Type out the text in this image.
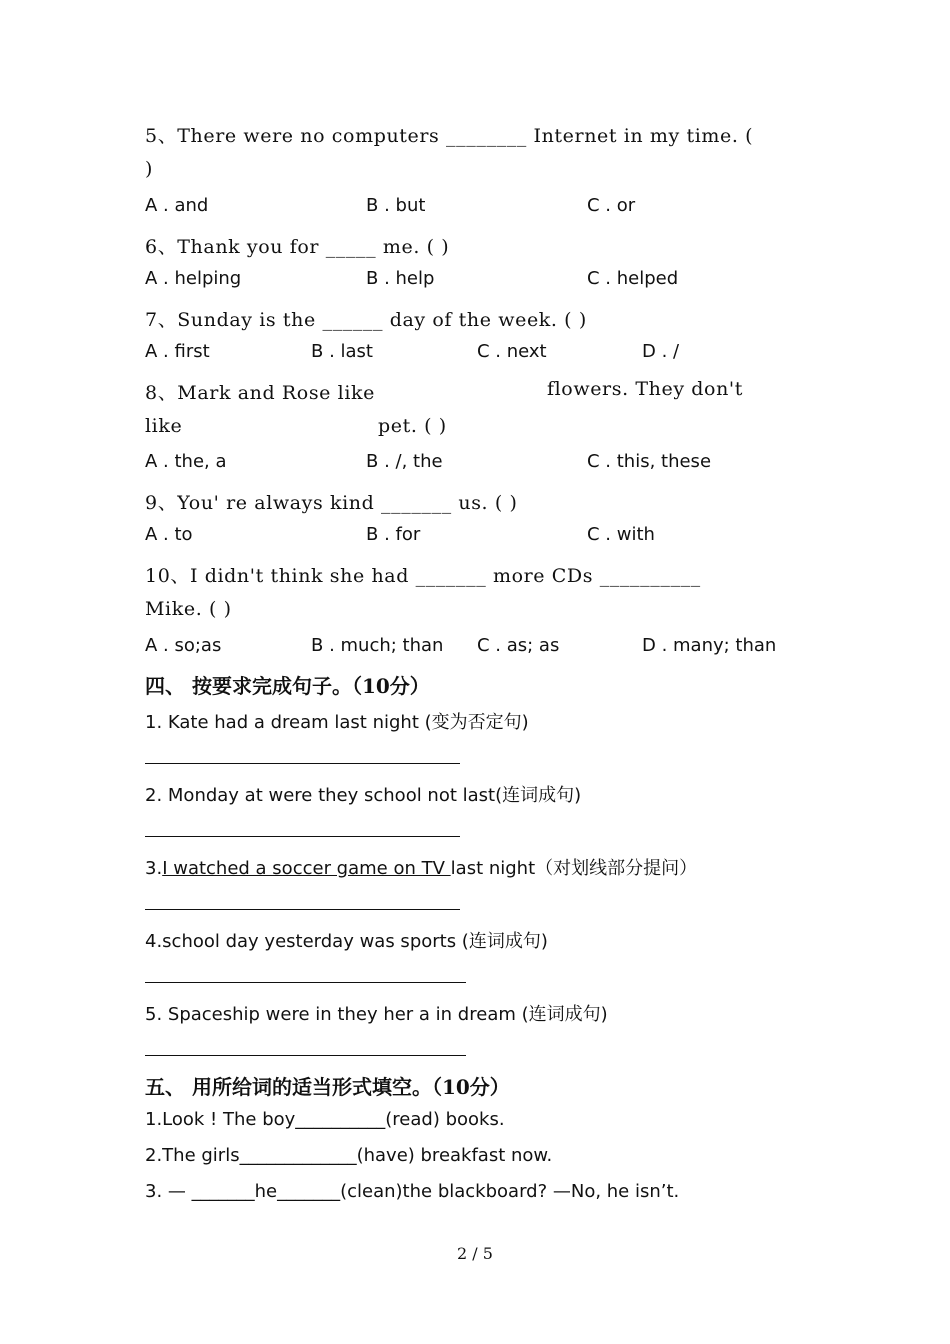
5、There were no computers ________ Internet in my time. (
)
A . and	B . but	C . or
6、Thank you for _____ me. ( )
A . helping	B . help	C . helped
7、Sunday is the ______ day of the week. ( )
A . first	B . last	C . next	D . /
8、Mark and Rose like	flowers. They don't
like	pet. ( )
A . the, a	B . /, the	C . this, these
9、You' re always kind _______ us. ( )
A . to	B . for	C . with
10、I didn't think she had _______ more CDs __________
Mike. ( )
A . so;as	B . much; than C . as; as	D . many; than
四、 按要求完成句子。（10分）
1. Kate had a dream last night (变为否定句)
2. Monday at were they school not last(连词成句)
3.I watched a soccer game on TV last night（对划线部分提问）
4.school day yesterday was sports (连词成句)
5. Spaceship were in they her a in dream (连词成句)
五、 用所给词的适当形式填空。（10分）
1.Look ! The boy__________(read) books.
2.The girls_____________(have) breakfast now.
3. — _______he_______(clean)the blackboard? —No, he isn’t.
2 / 5
